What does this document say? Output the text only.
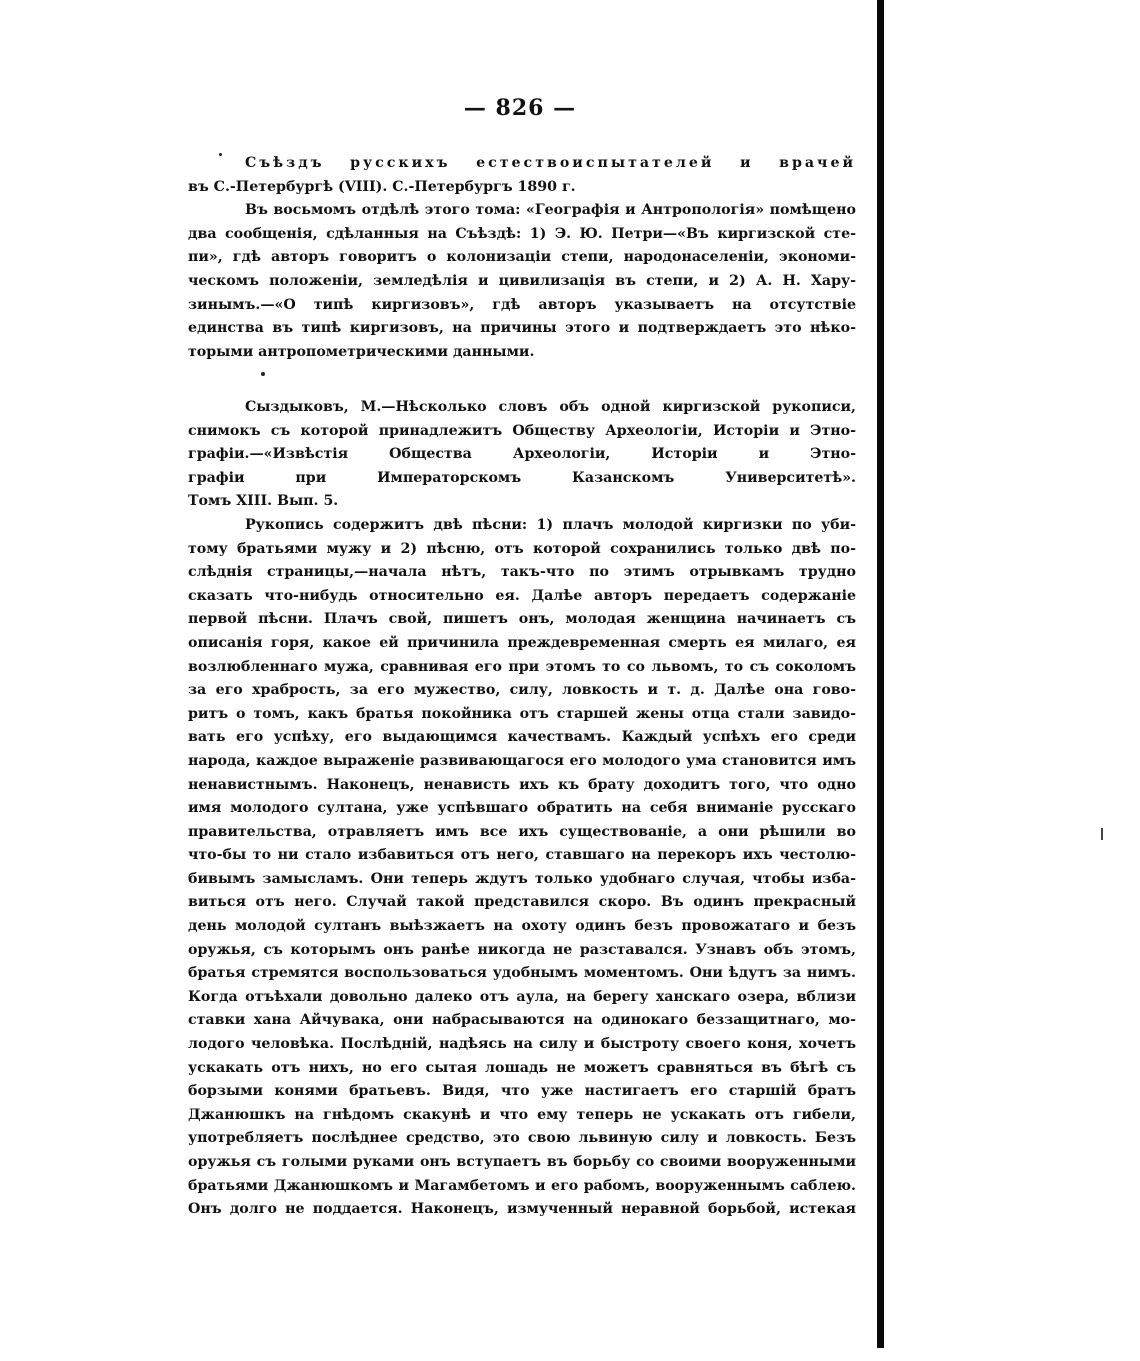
— 826 —
Съѣздъ русскихъ естествоиспытателей и врачей
въ С.-Петербургѣ (VIII). С.-Петербургъ 1890 г.
Въ восьмомъ отдѣлѣ этого тома: «Географія и Антропологія» помѣщено
два сообщенія, сдѣланныя на Съѣздѣ: 1) Э. Ю. Петри—«Въ киргизской сте-
пи», гдѣ авторъ говоритъ о колонизаціи степи, народонаселеніи, экономи-
ческомъ положеніи, земледѣлія и цивилизація въ степи, и 2) А. Н. Хару-
зинымъ.—«О типѣ киргизовъ», гдѣ авторъ указываетъ на отсутствіе
единства въ типѣ киргизовъ, на причины этого и подтверждаетъ это нѣко-
торыми антропометрическими данными.
Сыздыковъ, М.—Нѣсколько словъ объ одной киргизской рукописи,
снимокъ съ которой принадлежитъ Обществу Археологіи, Исторіи и Этно-
графіи.—«Извѣстія Общества Археологіи, Исторіи и Этно-
графіи при Императорскомъ Казанскомъ Университетѣ».
Томъ XIII. Вып. 5.
Рукопись содержитъ двѣ пѣсни: 1) плачъ молодой киргизки по уби-
тому братьями мужу и 2) пѣсню, отъ которой сохранились только двѣ по-
слѣднія страницы,—начала нѣтъ, такъ-что по этимъ отрывкамъ трудно
сказать что-нибудь относительно ея. Далѣе авторъ передаетъ содержаніе
первой пѣсни. Плачъ свой, пишетъ онъ, молодая женщина начинаетъ съ
описанія горя, какое ей причинила преждевременная смерть ея милаго, ея
возлюбленнаго мужа, сравнивая его при этомъ то со львомъ, то съ соколомъ
за его храбрость, за его мужество, силу, ловкость и т. д. Далѣе она гово-
ритъ о томъ, какъ братья покойника отъ старшей жены отца стали завидо-
вать его успѣху, его выдающимся качествамъ. Каждый успѣхъ его среди
народа, каждое выраженіе развивающагося его молодого ума становится имъ
ненавистнымъ. Наконецъ, ненависть ихъ къ брату доходитъ того, что одно
имя молодого султана, уже успѣвшаго обратить на себя вниманіе русскаго
правительства, отравляетъ имъ все ихъ существованіе, а они рѣшили во
что-бы то ни стало избавиться отъ него, ставшаго на перекоръ ихъ честолю-
бивымъ замысламъ. Они теперь ждутъ только удобнаго случая, чтобы изба-
виться отъ него. Случай такой представился скоро. Въ одинъ прекрасный
день молодой султанъ выѣзжаетъ на охоту одинъ безъ провожатаго и безъ
оружья, съ которымъ онъ ранѣе никогда не разставался. Узнавъ объ этомъ,
братья стремятся воспользоваться удобнымъ моментомъ. Они ѣдутъ за нимъ.
Когда отъѣхали довольно далеко отъ аула, на берегу ханскаго озера, вблизи
ставки хана Айчувака, они набрасываются на одинокаго беззащитнаго, мо-
лодого человѣка. Послѣдній, надѣясь на силу и быстроту своего коня, хочетъ
ускакать отъ нихъ, но его сытая лошадь не можетъ сравняться въ бѣгѣ съ
борзыми конями братьевъ. Видя, что уже настигаетъ его старшій братъ
Джанюшкъ на гнѣдомъ скакунѣ и что ему теперь не ускакать отъ гибели,
употребляетъ послѣднее средство, это свою львиную силу и ловкость. Безъ
оружья съ голыми руками онъ вступаетъ въ борьбу со своими вооруженными
братьями Джанюшкомъ и Магамбетомъ и его рабомъ, вооруженнымъ саблею.
Онъ долго не поддается. Наконецъ, измученный неравной борьбой, истекая
